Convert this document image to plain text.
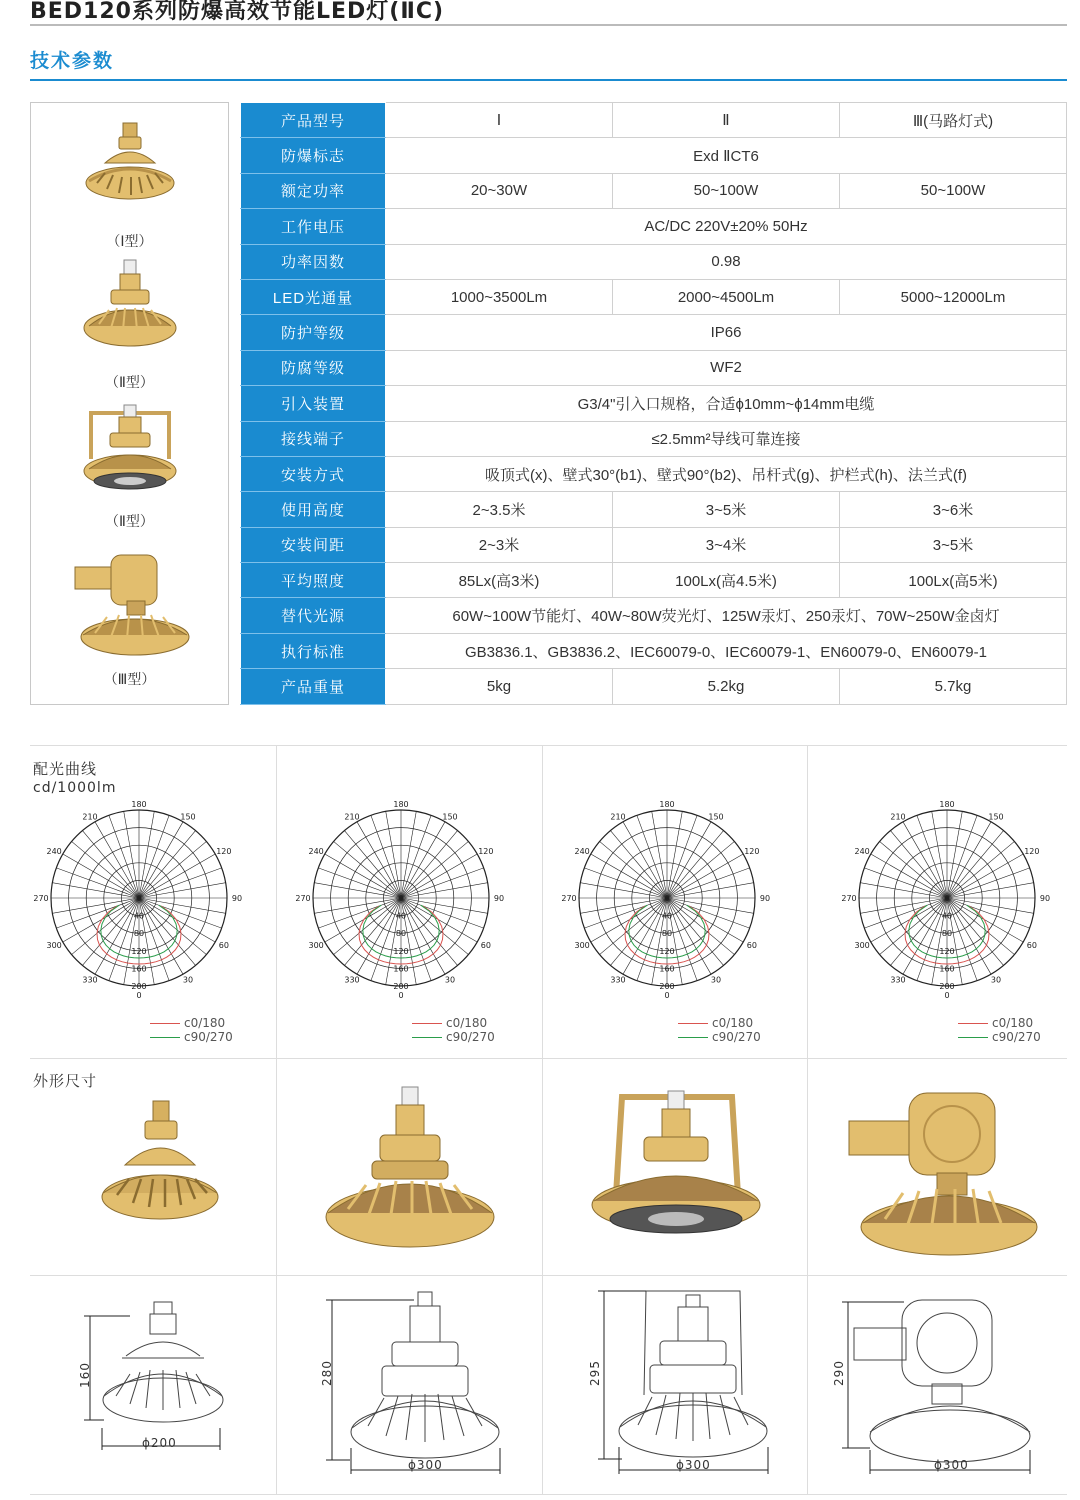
BED120系列防爆高效节能LED灯(ⅡC)
技术参数
（Ⅰ型）
（Ⅱ型）
（Ⅱ型）
（Ⅲ型）
产品型号	Ⅰ	Ⅱ	Ⅲ(马路灯式)
防爆标志	Exd ⅡCT6		
额定功率	20~30W	50~100W	50~100W
工作电压	AC/DC 220V±20% 50Hz		
功率因数	0.98		
LED光通量	1000~3500Lm	2000~4500Lm	5000~12000Lm
防护等级	IP66		
防腐等级	WF2		
引入装置	G3/4"引入口规格，合适ϕ10mm~ϕ14mm电缆		
接线端子	≤2.5mm²导线可靠连接		
安装方式	吸顶式(x)、壁式30°(b1)、壁式90°(b2)、吊杆式(g)、护栏式(h)、法兰式(f)		
使用高度	2~3.5米	3~5米	3~6米
安装间距	2~3米	3~4米	3~5米
平均照度	85Lx(高3米)	100Lx(高4.5米)	100Lx(高5米)
替代光源	60W~100W节能灯、40W~80W荧光灯、125W汞灯、250汞灯、70W~250W金卤灯		
执行标准	GB3836.1、GB3836.2、IEC60079-0、IEC60079-1、EN60079-0、EN60079-1		
产品重量	5kg	5.2kg	5.7kg
配光曲线
cd/1000lm
180
150
120
90
60
30
0
330
300
270
240
210
0
40
80
120
160
200
c0/180
c90/270
180
150
120
90
60
30
0
330
300
270
240
210
0
40
80
120
160
200
c0/180
c90/270
180
150
120
90
60
30
0
330
300
270
240
210
0
40
80
120
160
200
c0/180
c90/270
180
150
120
90
60
30
0
330
300
270
240
210
0
40
80
120
160
200
c0/180
c90/270
外形尺寸
160
ϕ200
280
ϕ300
295
ϕ300
290
ϕ300
